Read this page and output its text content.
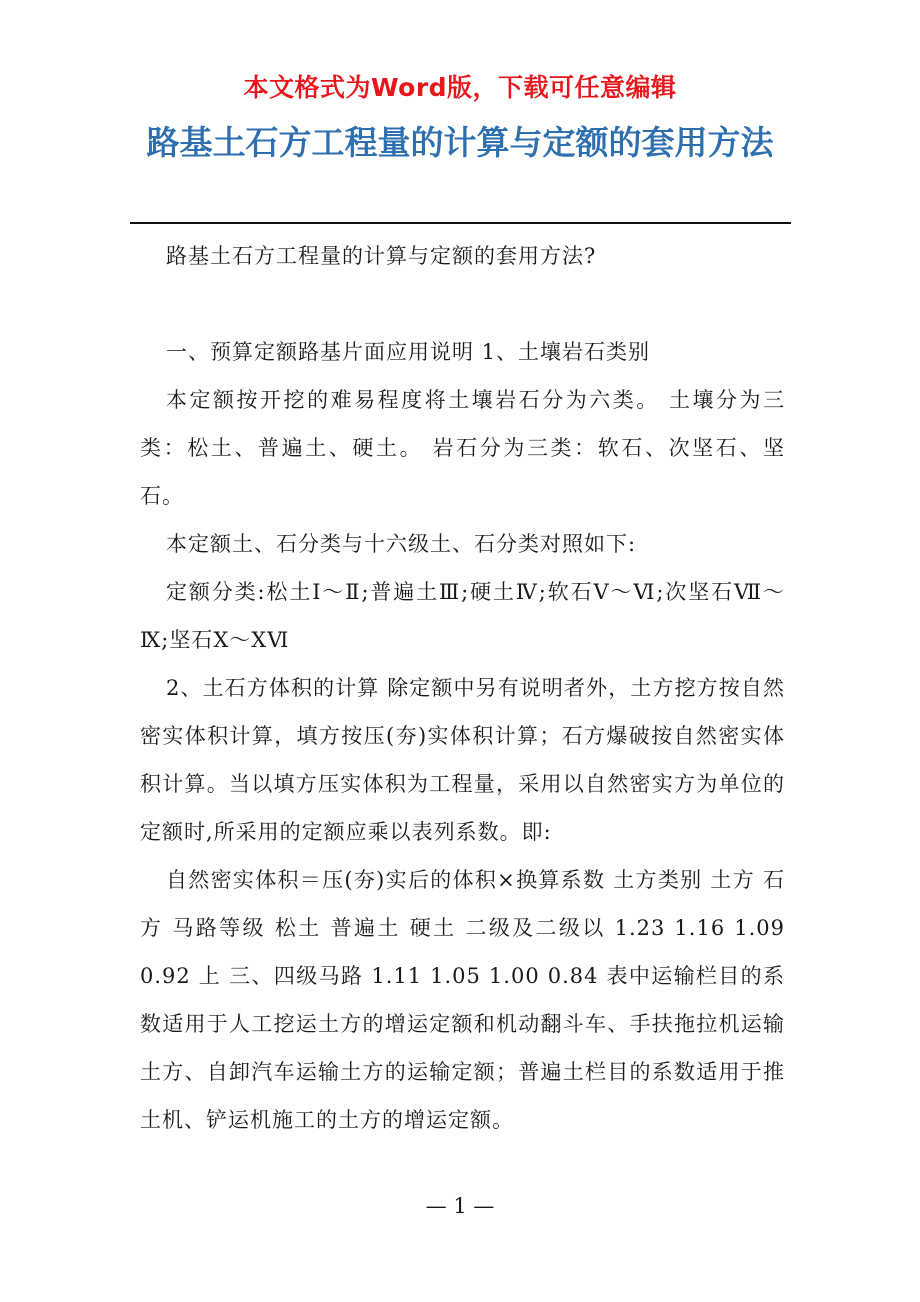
本文格式为Word版，下载可任意编辑
路基土石方工程量的计算与定额的套用方法

路基土石方工程量的计算与定额的套用方法?

一、预算定额路基片面应用说明 1、土壤岩石类别

本定额按开挖的难易程度将土壤岩石分为六类。 土壤分为三类：松土、普遍土、硬土。 岩石分为三类：软石、次坚石、坚石。

本定额土、石分类与十六级土、石分类对照如下:

定额分类:松土Ⅰ～Ⅱ;普遍土Ⅲ;硬土Ⅳ;软石Ⅴ～Ⅵ;次坚石Ⅶ～Ⅸ;坚石Ⅹ～ⅩⅥ

2、土石方体积的计算 除定额中另有说明者外，土方挖方按自然密实体积计算，填方按压(夯)实体积计算；石方爆破按自然密实体积计算。当以填方压实体积为工程量，采用以自然密实方为单位的定额时,所采用的定额应乘以表列系数。即:

自然密实体积＝压(夯)实后的体积×换算系数 土方类别 土方 石方 马路等级 松土 普遍土 硬土 二级及二级以 1.23 1.16 1.09 0.92 上 三、四级马路 1.11 1.05 1.00 0.84 表中运输栏目的系数适用于人工挖运土方的增运定额和机动翻斗车、手扶拖拉机运输土方、自卸汽车运输土方的运输定额；普遍土栏目的系数适用于推土机、铲运机施工的土方的增运定额。

— 1 —
